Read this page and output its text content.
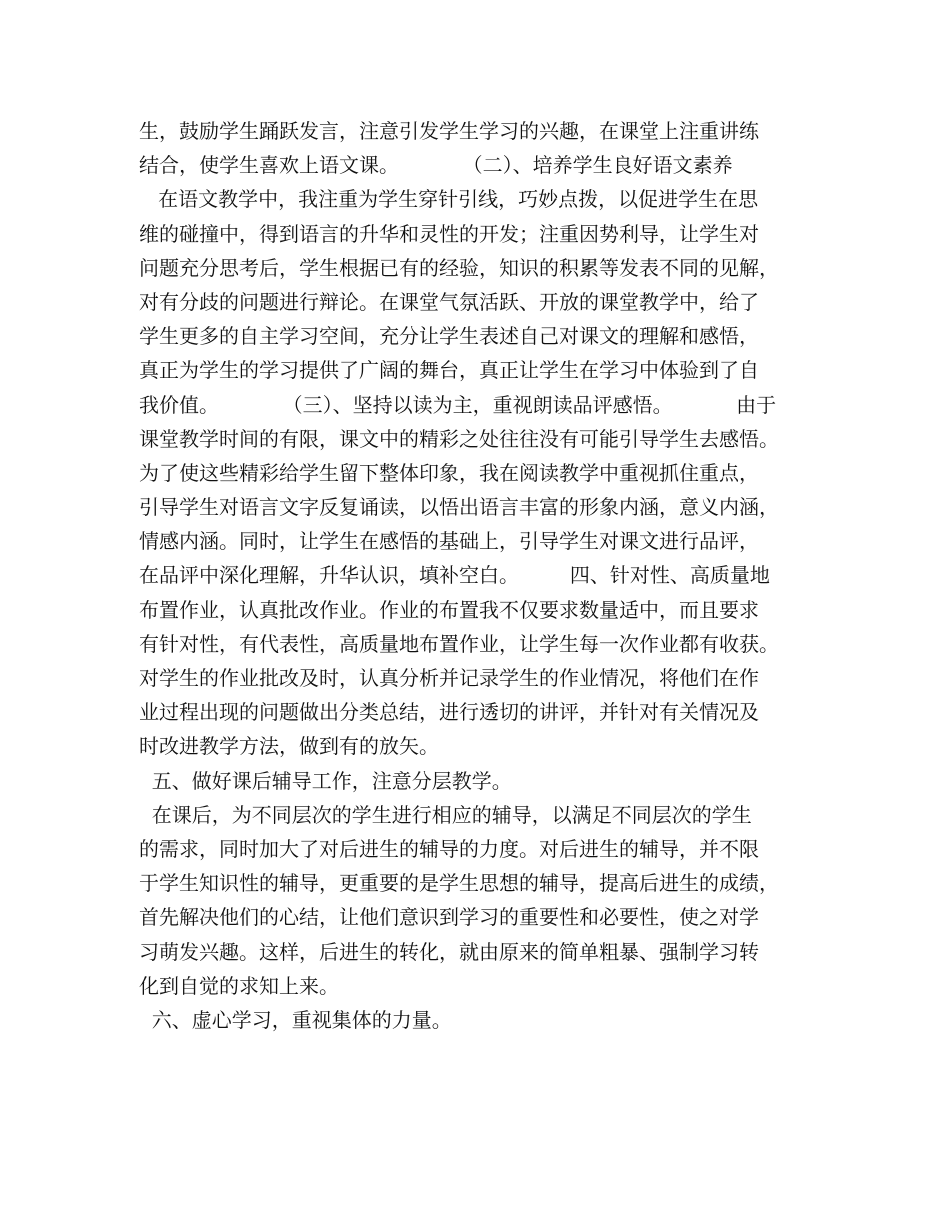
生，鼓励学生踊跃发言，注意引发学生学习的兴趣，在课堂上注重讲练
结合，使学生喜欢上语文课。          （二）、培养学生良好语文素养
在语文教学中，我注重为学生穿针引线，巧妙点拨，以促进学生在思
维的碰撞中，得到语言的升华和灵性的开发；注重因势利导，让学生对
问题充分思考后，学生根据已有的经验，知识的积累等发表不同的见解，
对有分歧的问题进行辩论。在课堂气氛活跃、开放的课堂教学中，给了
学生更多的自主学习空间，充分让学生表述自己对课文的理解和感悟，
真正为学生的学习提供了广阔的舞台，真正让学生在学习中体验到了自
我价值。          （三）、坚持以读为主，重视朗读品评感悟。          由于
课堂教学时间的有限，课文中的精彩之处往往没有可能引导学生去感悟。
为了使这些精彩给学生留下整体印象，我在阅读教学中重视抓住重点，
引导学生对语言文字反复诵读，以悟出语言丰富的形象内涵，意义内涵，
情感内涵。同时，让学生在感悟的基础上，引导学生对课文进行品评，
在品评中深化理解，升华认识，填补空白。        四、针对性、高质量地
布置作业，认真批改作业。作业的布置我不仅要求数量适中，而且要求
有针对性，有代表性，高质量地布置作业，让学生每一次作业都有收获。
对学生的作业批改及时，认真分析并记录学生的作业情况，将他们在作
业过程出现的问题做出分类总结，进行透切的讲评，并针对有关情况及
时改进教学方法，做到有的放矢。
五、做好课后辅导工作，注意分层教学。
在课后，为不同层次的学生进行相应的辅导，以满足不同层次的学生
的需求，同时加大了对后进生的辅导的力度。对后进生的辅导，并不限
于学生知识性的辅导，更重要的是学生思想的辅导，提高后进生的成绩，
首先解决他们的心结，让他们意识到学习的重要性和必要性，使之对学
习萌发兴趣。这样，后进生的转化，就由原来的简单粗暴、强制学习转
化到自觉的求知上来。
六、虚心学习，重视集体的力量。
